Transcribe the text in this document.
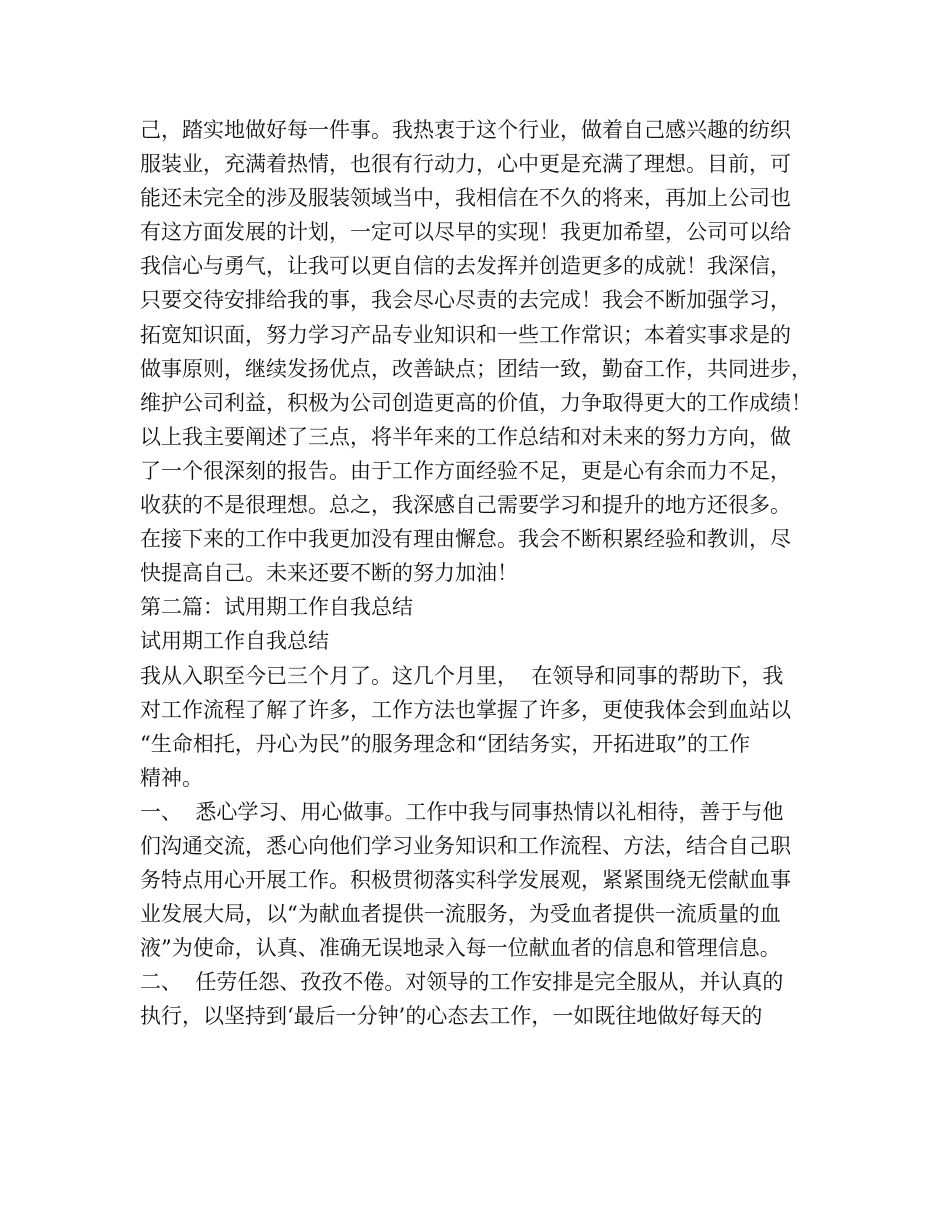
己，踏实地做好每一件事。我热衷于这个行业，做着自己感兴趣的纺织
服装业，充满着热情，也很有行动力，心中更是充满了理想。目前，可
能还未完全的涉及服装领域当中，我相信在不久的将来，再加上公司也
有这方面发展的计划，一定可以尽早的实现！我更加希望，公司可以给
我信心与勇气，让我可以更自信的去发挥并创造更多的成就！我深信，
只要交待安排给我的事，我会尽心尽责的去完成！我会不断加强学习，
拓宽知识面，努力学习产品专业知识和一些工作常识；本着实事求是的
做事原则，继续发扬优点，改善缺点；团结一致，勤奋工作，共同进步，
维护公司利益，积极为公司创造更高的价值，力争取得更大的工作成绩！
以上我主要阐述了三点，将半年来的工作总结和对未来的努力方向，做
了一个很深刻的报告。由于工作方面经验不足，更是心有余而力不足，
收获的不是很理想。总之，我深感自己需要学习和提升的地方还很多。
在接下来的工作中我更加没有理由懈怠。我会不断积累经验和教训，尽
快提高自己。未来还要不断的努力加油！
第二篇：试用期工作自我总结
试用期工作自我总结
我从入职至今已三个月了。这几个月里，  在领导和同事的帮助下，我
对工作流程了解了许多，工作方法也掌握了许多，更使我体会到血站以
“生命相托，丹心为民”的服务理念和“团结务实，开拓进取”的工作
精神。
一、  悉心学习、用心做事。工作中我与同事热情以礼相待，善于与他
们沟通交流，悉心向他们学习业务知识和工作流程、方法，结合自己职
务特点用心开展工作。积极贯彻落实科学发展观，紧紧围绕无偿献血事
业发展大局，以“为献血者提供一流服务，为受血者提供一流质量的血
液”为使命，认真、准确无误地录入每一位献血者的信息和管理信息。
二、  任劳任怨、孜孜不倦。对领导的工作安排是完全服从，并认真的
执行，以坚持到‘最后一分钟’的心态去工作，一如既往地做好每天的
